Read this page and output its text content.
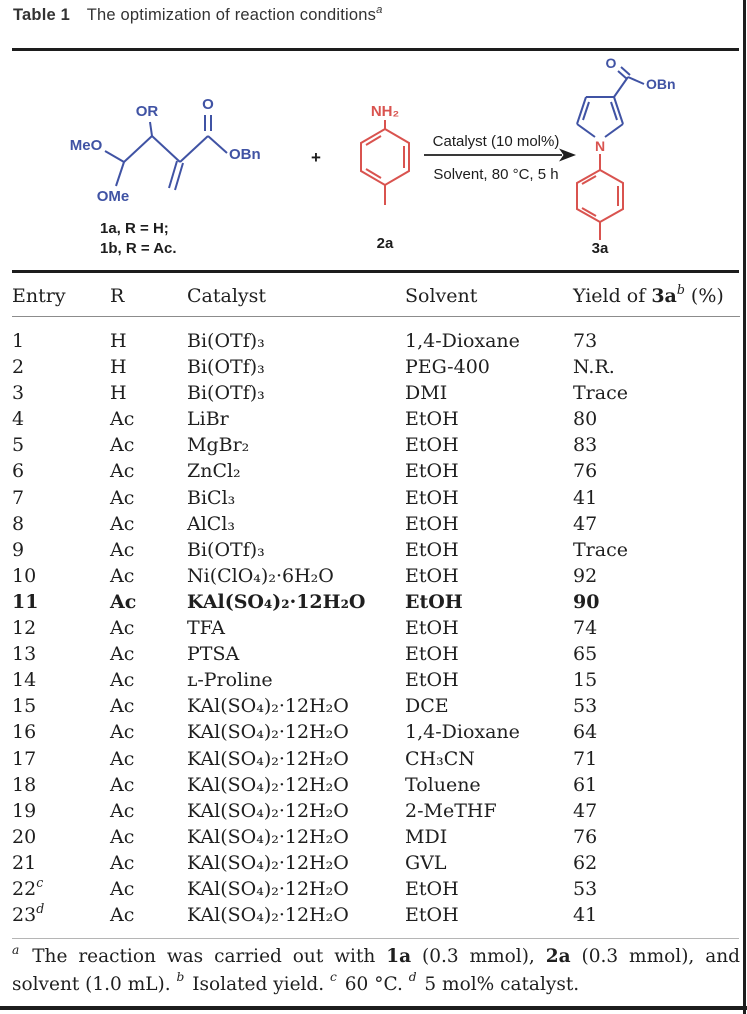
Table 1 The optimization of reaction conditions$^a$
MeO
OR
OMe
O
OBn
1a, R = H;
1b, R = Ac.
+
NH₂
2a
Catalyst (10 mol%)
Solvent, 80 °C, 5 h
O
OBn
N
3a
Entry	R	Catalyst	Solvent	Yield of $3a^b$ (%)
1	H	Bi(OTf)₃	1,4-Dioxane	73
2	H	Bi(OTf)₃	PEG-400	N.R.
3	H	Bi(OTf)₃	DMI	Trace
4	Ac	LiBr	EtOH	80
5	Ac	MgBr₂	EtOH	83
6	Ac	ZnCl₂	EtOH	76
7	Ac	BiCl₃	EtOH	41
8	Ac	AlCl₃	EtOH	47
9	Ac	Bi(OTf)₃	EtOH	Trace
10	Ac	Ni(ClO₄)₂·6H₂O	EtOH	92
11	Ac	KAl(SO₄)₂·12H₂O	EtOH	90
12	Ac	TFA	EtOH	74
13	Ac	PTSA	EtOH	65
14	Ac	ʟ-Proline	EtOH	15
15	Ac	KAl(SO₄)₂·12H₂O	DCE	53
16	Ac	KAl(SO₄)₂·12H₂O	1,4-Dioxane	64
17	Ac	KAl(SO₄)₂·12H₂O	CH₃CN	71
18	Ac	KAl(SO₄)₂·12H₂O	Toluene	61
19	Ac	KAl(SO₄)₂·12H₂O	2-MeTHF	47
20	Ac	KAl(SO₄)₂·12H₂O	MDI	76
21	Ac	KAl(SO₄)₂·12H₂O	GVL	62
22$^c$	Ac	KAl(SO₄)₂·12H₂O	EtOH	53
23$^d$	Ac	KAl(SO₄)₂·12H₂O	EtOH	41
$^a$ The reaction was carried out with 1a (0.3 mmol), 2a (0.3 mmol), and solvent (1.0 mL). $^b$ Isolated yield. $^c$ 60 °C. $^d$ 5 mol% catalyst.
